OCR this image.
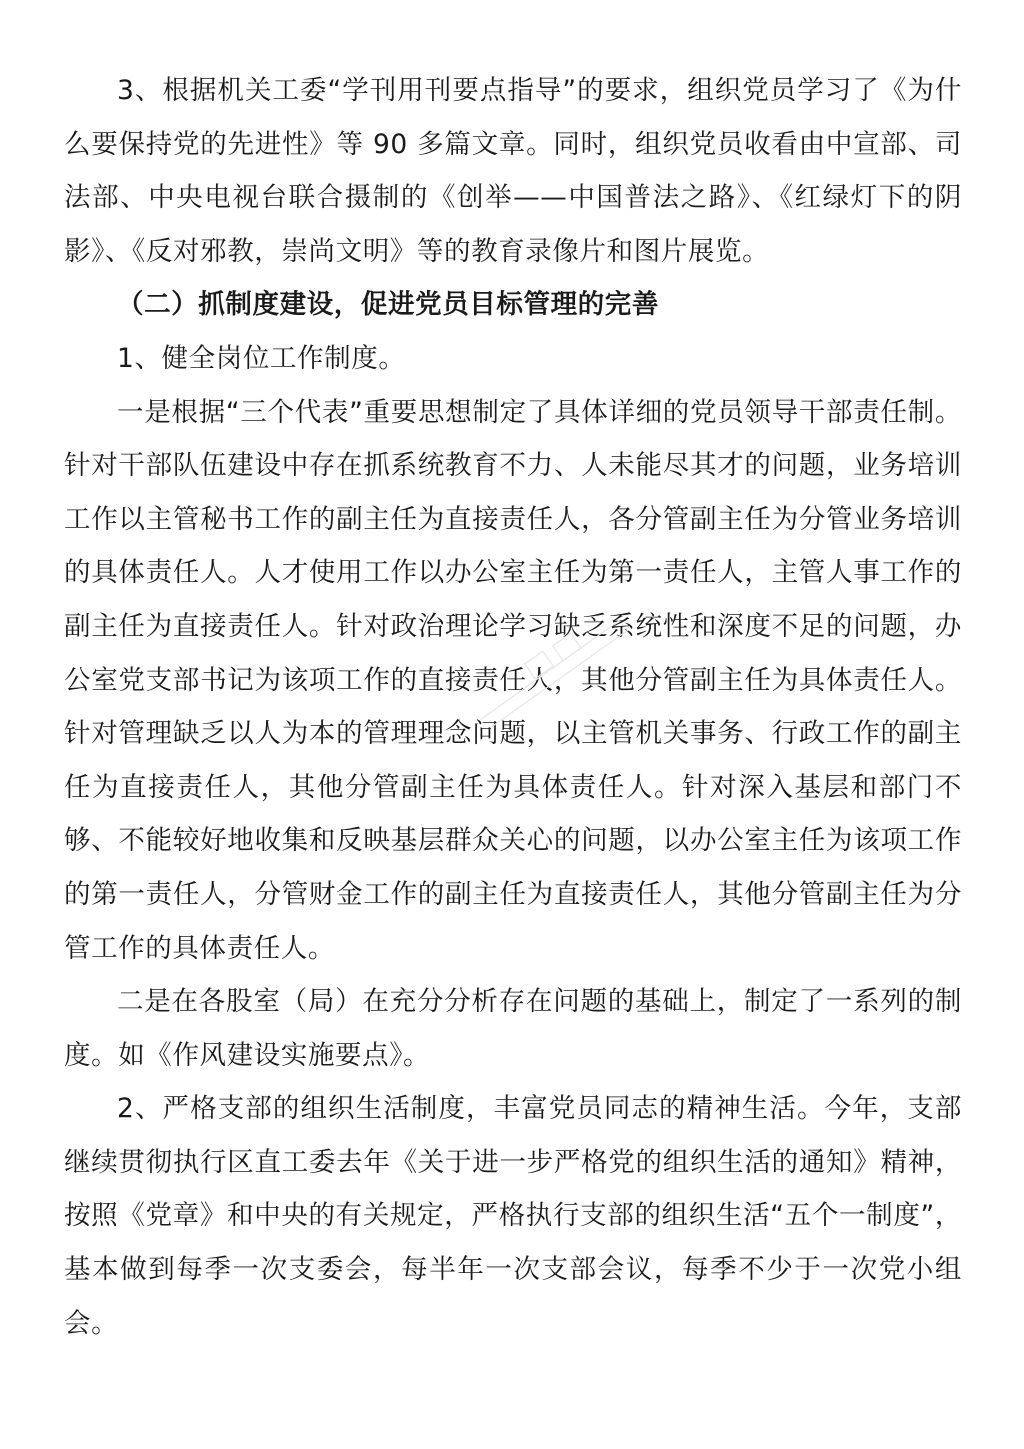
3、根据机关工委“学刊用刊要点指导”的要求，组织党员学习了《为什么要保持党的先进性》等 90 多篇文章。同时，组织党员收看由中宣部、司法部、中央电视台联合摄制的《创举——中国普法之路》、《红绿灯下的阴影》、《反对邪教，崇尚文明》等的教育录像片和图片展览。

（二）抓制度建设，促进党员目标管理的完善

1、健全岗位工作制度。

一是根据“三个代表”重要思想制定了具体详细的党员领导干部责任制。针对干部队伍建设中存在抓系统教育不力、人未能尽其才的问题，业务培训工作以主管秘书工作的副主任为直接责任人，各分管副主任为分管业务培训的具体责任人。人才使用工作以办公室主任为第一责任人，主管人事工作的副主任为直接责任人。针对政治理论学习缺乏系统性和深度不足的问题，办公室党支部书记为该项工作的直接责任人，其他分管副主任为具体责任人。针对管理缺乏以人为本的管理理念问题，以主管机关事务、行政工作的副主任为直接责任人，其他分管副主任为具体责任人。针对深入基层和部门不够、不能较好地收集和反映基层群众关心的问题，以办公室主任为该项工作的第一责任人，分管财金工作的副主任为直接责任人，其他分管副主任为分管工作的具体责任人。

二是在各股室（局）在充分分析存在问题的基础上，制定了一系列的制度。如《作风建设实施要点》。

2、严格支部的组织生活制度，丰富党员同志的精神生活。今年，支部继续贯彻执行区直工委去年《关于进一步严格党的组织生活的通知》精神，按照《党章》和中央的有关规定，严格执行支部的组织生活“五个一制度”，基本做到每季一次支委会，每半年一次支部会议，每季不少于一次党小组会。
